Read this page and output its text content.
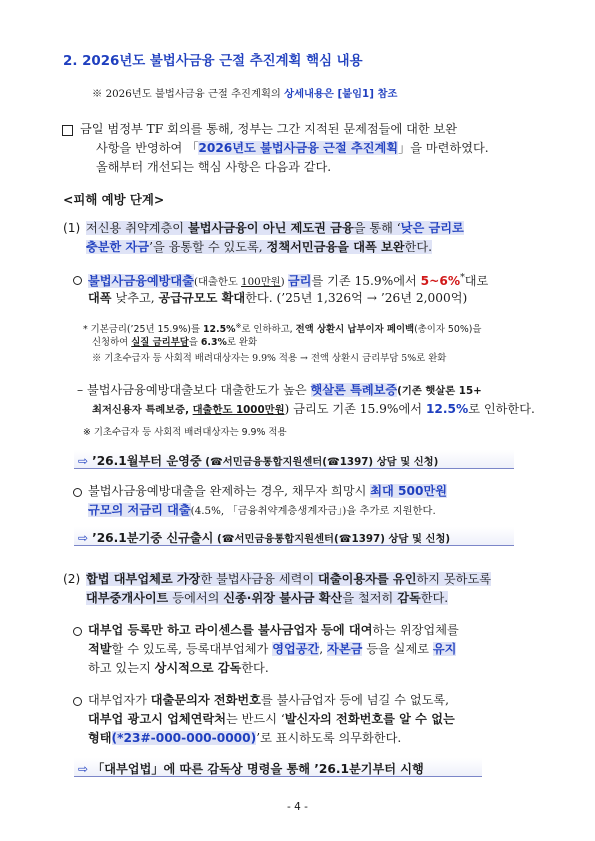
2. 2026년도 불법사금융 근절 추진계획 핵심 내용
※ 2026년도 불법사금융 근절 추진계획의 상세내용은 [붙임1] 참조
금일 범정부 TF 회의를 통해, 정부는 그간 지적된 문제점들에 대한 보완
사항을 반영하여 「2026년도 불법사금융 근절 추진계획」을 마련하였다.
올해부터 개선되는 핵심 사항은 다음과 같다.
<피해 예방 단계>
(1) 저신용 취약계층이 불법사금융이 아닌 제도권 금융을 통해 ‘낮은 금리로
충분한 자금’을 융통할 수 있도록, 정책서민금융을 대폭 보완한다.
불법사금융예방대출(대출한도 100만원) 금리를 기존 15.9%에서 5~6%*대로
대폭 낮추고, 공급규모도 확대한다. (’25년 1,326억 → ’26년 2,000억)
* 기본금리(’25년 15.9%)를 12.5%※로 인하하고, 전액 상환시 납부이자 페이백(총이자 50%)을
신청하여 실질 금리부담을 6.3%로 완화
※ 기초수급자 등 사회적 배려대상자는 9.9% 적용 → 전액 상환시 금리부담 5%로 완화
– 불법사금융예방대출보다 대출한도가 높은 햇살론 특례보증(기존 햇살론 15+
최저신용자 특례보증, 대출한도 1000만원) 금리도 기존 15.9%에서 12.5%로 인하한다.
※ 기초수급자 등 사회적 배려대상자는 9.9% 적용
⇨ ’26.1월부터 운영중 (☎서민금융통합지원센터(☎1397) 상담 및 신청)
불법사금융예방대출을 완제하는 경우, 채무자 희망시 최대 500만원
규모의 저금리 대출(4.5%, 「금융취약계층생계자금」)을 추가로 지원한다.
⇨ ’26.1분기중 신규출시 (☎서민금융통합지원센터(☎1397) 상담 및 신청)
(2) 합법 대부업체로 가장한 불법사금융 세력이 대출이용자를 유인하지 못하도록
대부중개사이트 등에서의 신종·위장 불사금 확산을 철저히 감독한다.
대부업 등록만 하고 라이센스를 불사금업자 등에 대여하는 위장업체를
적발할 수 있도록, 등록대부업체가 영업공간, 자본금 등을 실제로 유지
하고 있는지 상시적으로 감독한다.
대부업자가 대출문의자 전화번호를 불사금업자 등에 넘길 수 없도록,
대부업 광고시 업체연락처는 반드시 ‘발신자의 전화번호를 알 수 없는
형태(*23#-000-000-0000)’로 표시하도록 의무화한다.
⇨ 「대부업법」에 따른 감독상 명령을 통해 ’26.1분기부터 시행
- 4 -
